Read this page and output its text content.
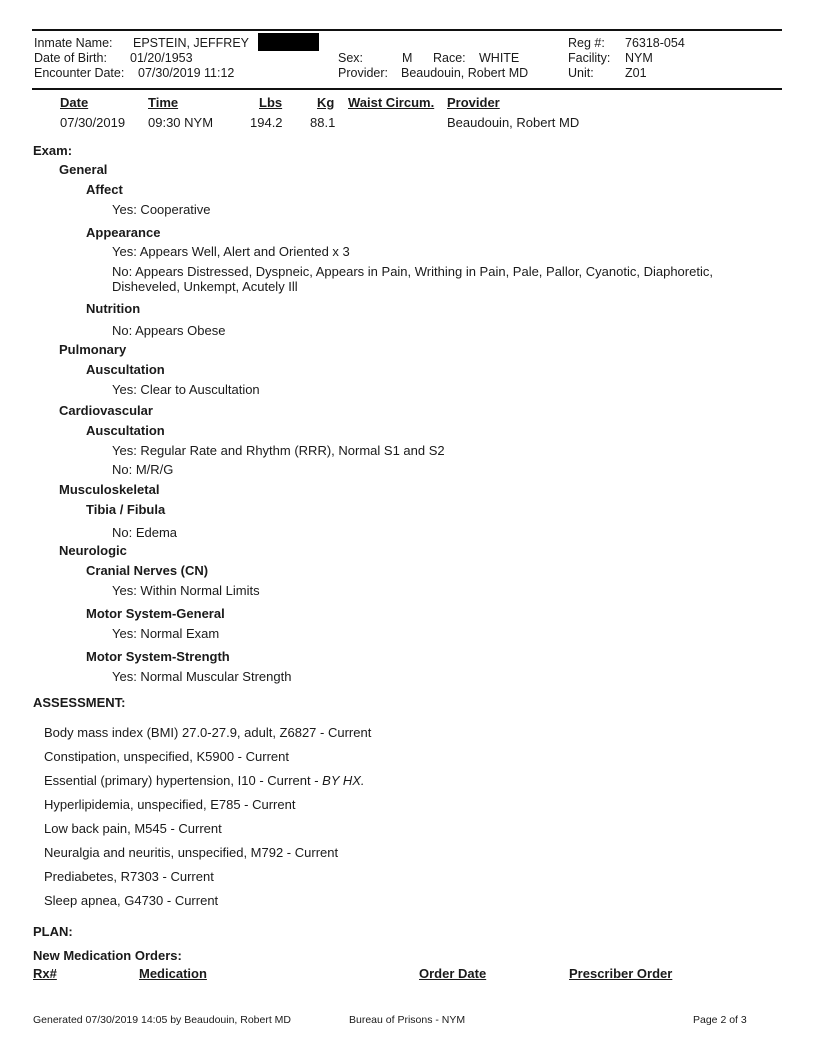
Inmate Name: EPSTEIN, JEFFREY
Date of Birth: 01/20/1953
Encounter Date: 07/30/2019 11:12
Sex:	M Race: WHITE
Provider: Beaudouin, Robert MD
Reg #: 76318-054
Facility: NYM
Unit:	Z01
Date	Time	Lbs	Kg Waist Circum. Provider
07/30/2019 09:30 NYM	194.2 88.1	Beaudouin, Robert MD
Exam:
General
Affect
Yes: Cooperative
Appearance
Yes: Appears Well, Alert and Oriented x 3
No: Appears Distressed, Dyspneic, Appears in Pain, Writhing in Pain, Pale, Pallor, Cyanotic, Diaphoretic, Disheveled, Unkempt, Acutely Ill
Nutrition
No: Appears Obese
Pulmonary
Auscultation
Yes: Clear to Auscultation
Cardiovascular
Auscultation
Yes: Regular Rate and Rhythm (RRR), Normal S1 and S2
No: M/R/G
Musculoskeletal
Tibia / Fibula
No: Edema
Neurologic
Cranial Nerves (CN)
Yes: Within Normal Limits
Motor System-General
Yes: Normal Exam
Motor System-Strength
Yes: Normal Muscular Strength
ASSESSMENT:
Body mass index (BMI) 27.0-27.9, adult, Z6827 - Current
Constipation, unspecified, K5900 - Current
Essential (primary) hypertension, I10 - Current - BY HX.
Hyperlipidemia, unspecified, E785 - Current
Low back pain, M545 - Current
Neuralgia and neuritis, unspecified, M792 - Current
Prediabetes, R7303 - Current
Sleep apnea, G4730 - Current
PLAN:
New Medication Orders:
Rx#	Medication	Order Date	Prescriber Order
Generated 07/30/2019 14:05 by Beaudouin, Robert MD	Bureau of Prisons - NYM	Page 2 of 3
